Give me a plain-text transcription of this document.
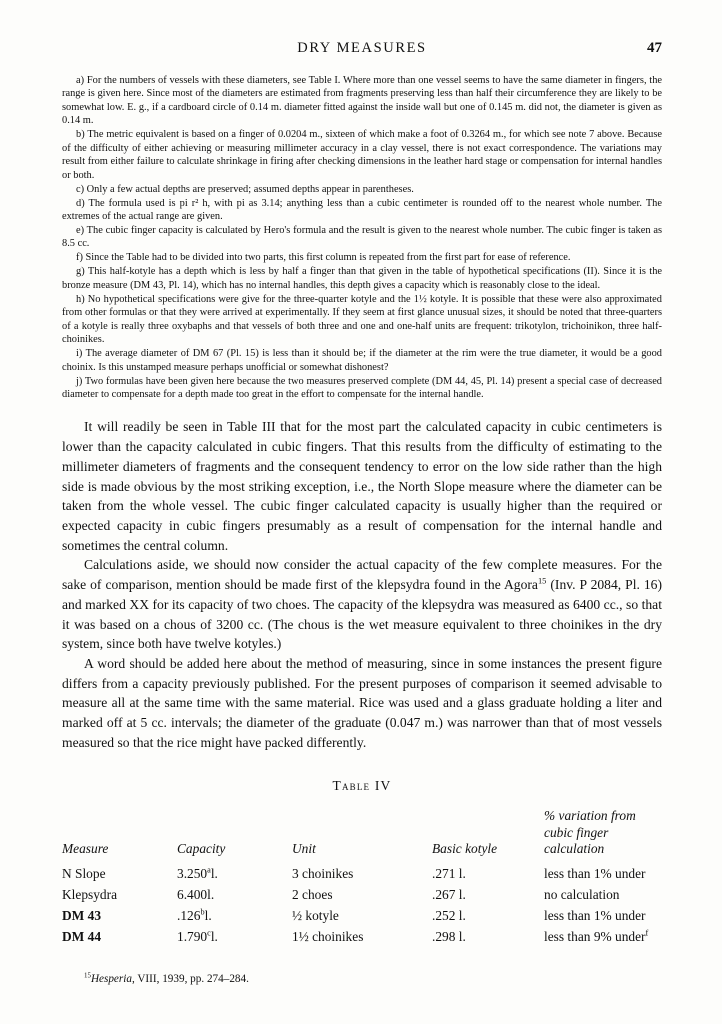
DRY MEASURES	47

a) For the numbers of vessels with these diameters, see Table I. Where more than one vessel seems to have the same diameter in fingers, the range is given here. Since most of the diameters are estimated from fragments preserving less than half their circumference they are likely to be somewhat low. E. g., if a cardboard circle of 0.14 m. diameter fitted against the inside wall but one of 0.145 m. did not, the diameter is given as 0.14 m.

b) The metric equivalent is based on a finger of 0.0204 m., sixteen of which make a foot of 0.3264 m., for which see note 7 above. Because of the difficulty of either achieving or measuring millimeter accuracy in a clay vessel, there is not exact correspondence. The variations may result from either failure to calculate shrinkage in firing after checking dimensions in the leather hard stage or compensation for internal handles or both.

c) Only a few actual depths are preserved; assumed depths appear in parentheses.

d) The formula used is pi r² h, with pi as 3.14; anything less than a cubic centimeter is rounded off to the nearest whole number. The extremes of the actual range are given.

e) The cubic finger capacity is calculated by Hero's formula and the result is given to the nearest whole number. The cubic finger is taken as 8.5 cc.

f) Since the Table had to be divided into two parts, this first column is repeated from the first part for ease of reference.

g) This half-kotyle has a depth which is less by half a finger than that given in the table of hypothetical specifications (II). Since it is the bronze measure (DM 43, Pl. 14), which has no internal handles, this depth gives a capacity which is reasonably close to the ideal.

h) No hypothetical specifications were give for the three-quarter kotyle and the 1½ kotyle. It is possible that these were also approximated from other formulas or that they were arrived at experimentally. If they seem at first glance unusual sizes, it should be noted that three-quarters of a kotyle is really three oxybaphs and that vessels of both three and one and one-half units are frequent: trikotylon, trichoinikon, three half-choinikes.

i) The average diameter of DM 67 (Pl. 15) is less than it should be; if the diameter at the rim were the true diameter, it would be a good choinix. Is this unstamped measure perhaps unofficial or somewhat dishonest?

j) Two formulas have been given here because the two measures preserved complete (DM 44, 45, Pl. 14) present a special case of decreased diameter to compensate for a depth made too great in the effort to compensate for the internal handle.

It will readily be seen in Table III that for the most part the calculated capacity in cubic centimeters is lower than the capacity calculated in cubic fingers. That this results from the difficulty of estimating to the millimeter diameters of fragments and the consequent tendency to error on the low side rather than the high side is made obvious by the most striking exception, i.e., the North Slope measure where the diameter can be taken from the whole vessel. The cubic finger calculated capacity is usually higher than the required or expected capacity in cubic fingers presumably as a result of compensation for the internal handle and sometimes the central column.

Calculations aside, we should now consider the actual capacity of the few complete measures. For the sake of comparison, mention should be made first of the klepsydra found in the Agora$^{15}$ (Inv. P 2084, Pl. 16) and marked XX for its capacity of two choes. The capacity of the klepsydra was measured as 6400 cc., so that it was based on a chous of 3200 cc. (The chous is the wet measure equivalent to three choinikes in the dry system, since both have twelve kotyles.)

A word should be added here about the method of measuring, since in some instances the present figure differs from a capacity previously published. For the present purposes of comparison it seemed advisable to measure all at the same time with the same material. Rice was used and a glass graduate holding a liter and marked off at 5 cc. intervals; the diameter of the graduate (0.047 m.) was narrower than that of most vessels measured so that the rice might have packed differently.

Table IV
Measure	Capacity	Unit	Basic kotyle	% variation from cubic finger calculation

N Slope	3.250$^a$l.	3 choinikes	.271 l.	less than 1% under
Klepsydra	6.400l.	2 choes	.267 l.	no calculation
DM 43	.126$^b$l.	½ kotyle	.252 l.	less than 1% under
DM 44	1.790$^c$l.	1½ choinikes	.298 l.	less than 9% under$^f$
$^{15}$Hesperia, VIII, 1939, pp. 274–284.
